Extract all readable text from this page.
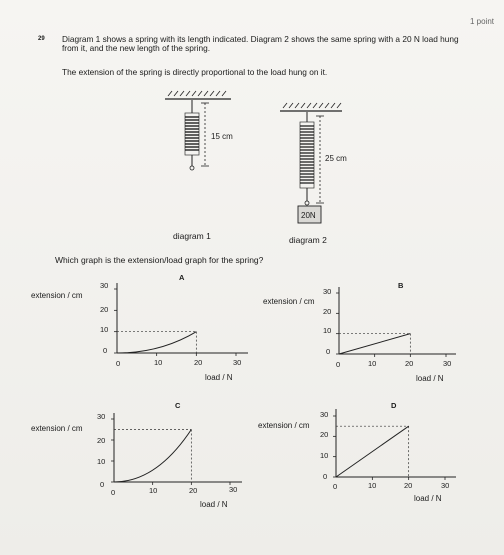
1 point
29 Diagram 1 shows a spring with its length indicated. Diagram 2 shows the same spring with a 20 N load hung from it, and the new length of the spring.
The extension of the spring is directly proportional to the load hung on it.
15 cm
25 cm
20N
diagram 1	diagram 2
Which graph is the extension/load graph for the spring?
A
extension / cm
load / N
30
20
10
0
0	10	20	30
B
extension / cm
load / N
30
20
10
0
0	10	20	30
C
extension / cm
load / N
30
20
10
0
0	10	20	30
D
extension / cm
load / N
30
20
10
0
0	10	20	30
